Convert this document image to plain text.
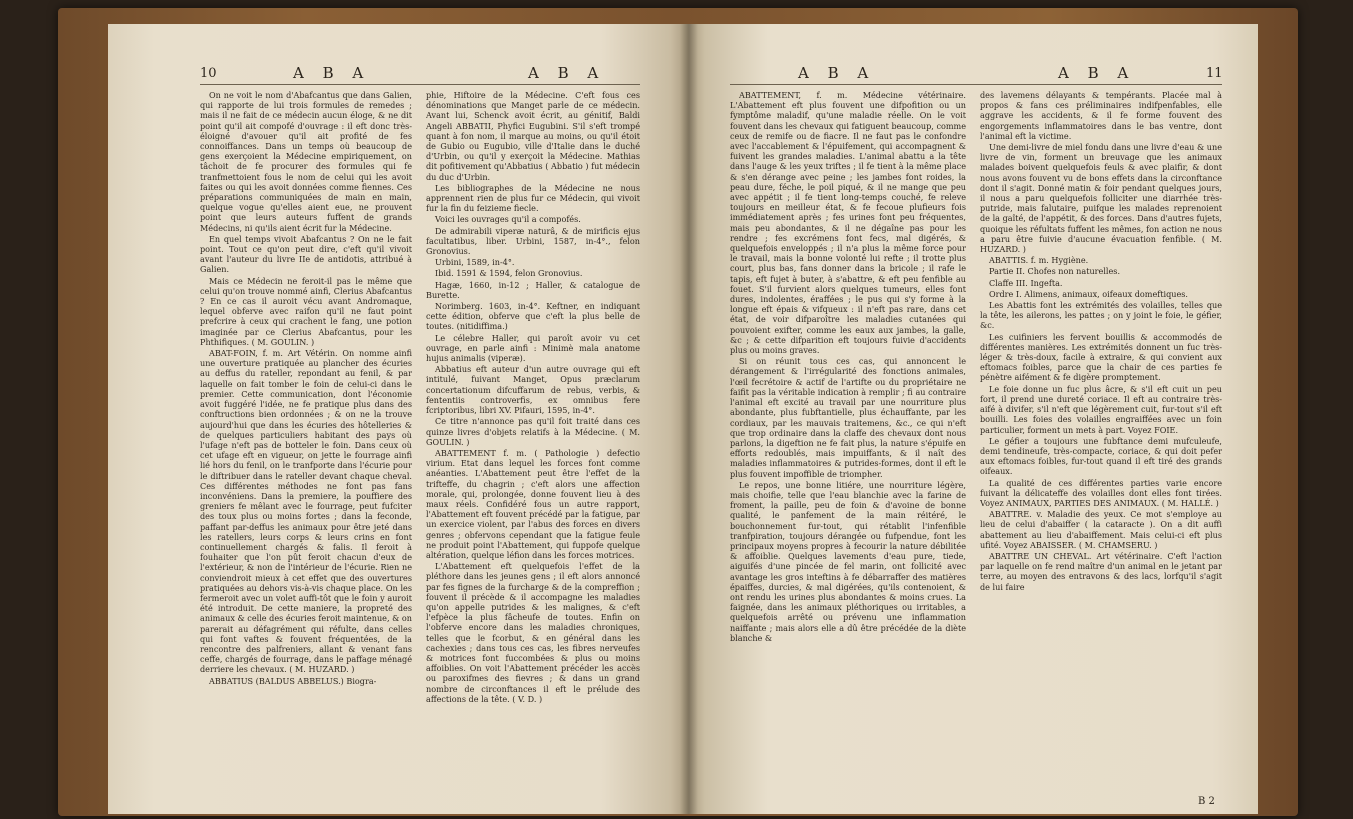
10	A B A	A B A

On ne voit le nom d'Abafcantus que dans Galien, qui rapporte de lui trois formules de remedes ; mais il ne fait de ce médecin aucun éloge, & ne dit point qu'il ait compofé d'ouvrage : il eft donc très-éloigné d'avouer qu'il ait profité de fes connoiffances. Dans un temps où beaucoup de gens exerçoient la Médecine empiriquement, on tâchoit de fe procurer des formules qui fe tranfmettoient fous le nom de celui qui les avoit faites ou qui les avoit données comme fiennes. Ces préparations communiquées de main en main, quelque vogue qu'elles aient eue, ne prouvent point que leurs auteurs fuffent de grands Médecins, ni qu'ils aient écrit fur la Médecine.

En quel temps vivoit Abafcantus ? On ne le fait point. Tout ce qu'on peut dire, c'eft qu'il vivoit avant l'auteur du livre IIe de antidotis, attribué à Galien.

Mais ce Médecin ne feroit-il pas le même que celui qu'on trouve nommé ainfi, Clerius Abafcantus ? En ce cas il auroit vécu avant Andromaque, lequel obferve avec raifon qu'il ne faut point prefcrire à ceux qui crachent le fang, une potion imaginée par ce Clerius Abafcantus, pour les Phthifiques. ( M. GOULIN. )

ABAT-FOIN, f. m. Art Vétérin. On nomme ainfi une ouverture pratiquée au plancher des écuries au deffus du rateller, repondant au fenil, & par laquelle on fait tomber le foin de celui-ci dans le premier. Cette communication, dont l'économie avoit fuggéré l'idée, ne fe pratique plus dans des conftructions bien ordonnées ; & on ne la trouve aujourd'hui que dans les écuries des hôtelleries & de quelques particuliers habitant des pays où l'ufage n'eft pas de botteler le foin. Dans ceux où cet ufage eft en vigueur, on jette le fourrage ainfi lié hors du fenil, on le tranfporte dans l'écurie pour le diftribuer dans le rateller devant chaque cheval. Ces différentes méthodes ne font pas fans inconvéniens. Dans la premiere, la pouffiere des greniers fe mêlant avec le fourrage, peut fufciter des toux plus ou moins fortes ; dans la feconde, paffant par-deffus les animaux pour être jeté dans les ratellers, leurs corps & leurs crins en font continuellement chargés & falis. Il feroit à fouhaiter que l'on pût feroit chacun d'eux de l'extérieur, & non de l'intérieur de l'écurie. Rien ne conviendroit mieux à cet effet que des ouvertures pratiquées au dehors vis-à-vis chaque place. On les fermeroit avec un volet auffi-tôt que le foin y auroit été introduit. De cette maniere, la propreté des animaux & celle des écuries feroit maintenue, & on parerait au défagrément qui réfulte, dans celles qui font vaftes & fouvent fréquentées, de la rencontre des palfreniers, allant & venant fans ceffe, chargés de fourrage, dans le paffage ménagé derriere les chevaux. ( M. HUZARD. )

ABBATIUS (BALDUS ABBELUS.) Biogra-

phie, Hiftoire de la Médecine. C'eft fous ces dénominations que Manget parle de ce médecin. Avant lui, Schenck avoit écrit, au génitif, Baldi Angeli ABBATII, Phyfici Eugubini. S'il s'eft trompé quant à fon nom, il marque au moins, ou qu'il étoit de Gubio ou Eugubio, ville d'Italie dans le duché d'Urbin, ou qu'il y exerçoit la Médecine. Mathias dit pofitivement qu'Abbatius ( Abbatio ) fut médecin du duc d'Urbin.

Les bibliographes de la Médecine ne nous apprennent rien de plus fur ce Médecin, qui vivoit fur la fin du feizieme fiecle.

Voici les ouvrages qu'il a compofés.

De admirabili viperæ naturâ, & de mirificis ejus facultatibus, liber. Urbini, 1587, in-4°., felon Gronovius.

Urbini, 1589, in-4°.

Ibid. 1591 & 1594, felon Gronovius.

Hagæ, 1660, in-12 ; Haller, & catalogue de Burette.

Norimberg. 1603, in-4°. Keftner, en indiquant cette édition, obferve que c'eft la plus belle de toutes. (nitidiffima.)

Le célebre Haller, qui paroît avoir vu cet ouvrage, en parle ainfi : Minimè mala anatome hujus animalis (viperæ).

Abbatius eft auteur d'un autre ouvrage qui eft intitulé, fuivant Manget, Opus præclarum concertationum difcuffarum de rebus, verbis, & fententiis controverfis, ex omnibus fere fcriptoribus, libri XV. Pifauri, 1595, in-4°.

Ce titre n'annonce pas qu'il foit traité dans ces quinze livres d'objets relatifs à la Médecine. ( M. GOULIN. )

ABATTEMENT f. m. ( Pathologie ) defectio virium. Etat dans lequel les forces font comme anéanties. L'Abattement peut être l'effet de la trifteffe, du chagrin ; c'eft alors une affection morale, qui, prolongée, donne fouvent lieu à des maux réels. Confidéré fous un autre rapport, l'Abattement eft fouvent précédé par la fatigue, par un exercice violent, par l'abus des forces en divers genres ; obfervons cependant que la fatigue feule ne produit point l'Abattement, qui fuppofe quelque altération, quelque léfion dans les forces motrices.

L'Abattement eft quelquefois l'effet de la pléthore dans les jeunes gens ; il eft alors annoncé par fes fignes de la furcharge & de la compreffion ; fouvent il précède & il accompagne les maladies qu'on appelle putrides & les malignes, & c'eft l'efpèce la plus fâcheufe de toutes. Enfin on l'obferve encore dans les maladies chroniques, telles que le fcorbut, & en général dans les cachexies ; dans tous ces cas, les fibres nerveufes & motrices font fuccombées & plus ou moins affoiblies. On voit l'Abattement précéder les accès ou paroxifmes des fievres ; & dans un grand nombre de circonftances il eft le prélude des affections de la tête. ( V. D. )

A B A	A B A	11

ABATTEMENT, f. m. Médecine vétérinaire. L'Abattement eft plus fouvent une difpofition ou un fymptôme maladif, qu'une maladie réelle. On le voit fouvent dans les chevaux qui fatiguent beaucoup, comme ceux de remife ou de fiacre. Il ne faut pas le confondre avec l'accablement & l'épuifement, qui accompagnent & fuivent les grandes maladies. L'animal abattu a la tête dans l'auge & les yeux triftes ; il fe tient à la même place & s'en dérange avec peine ; les jambes font roides, la peau dure, féche, le poil piqué, & il ne mange que peu avec appétit ; il fe tient long-temps couché, fe releve toujours en meilleur état, & fe fecoue plufieurs fois immédiatement après ; fes urines font peu fréquentes, mais peu abondantes, & il ne dégaîne pas pour les rendre ; fes excrémens font fecs, mal digérés, & quelquefois enveloppés ; il n'a plus la même force pour le travail, mais la bonne volonté lui refte ; il trotte plus court, plus bas, fans donner dans la bricole ; il rafe le tapis, eft fujet à buter, à s'abattre, & eft peu fenfible au fouet. S'il furvient alors quelques tumeurs, elles font dures, indolentes, éraffées ; le pus qui s'y forme à la longue eft épais & vifqueux : il n'eft pas rare, dans cet état, de voir difparoître les maladies cutanées qui pouvoient exifter, comme les eaux aux jambes, la galle, &c ; & cette difparition eft toujours fuivie d'accidents plus ou moins graves.

Si on réunit tous ces cas, qui annoncent le dérangement & l'irrégularité des fonctions animales, l'œil fecrétoire & actif de l'artifte ou du propriétaire ne faifit pas la véritable indication à remplir ; fi au contraire l'animal eft excité au travail par une nourriture plus abondante, plus fubftantielle, plus échauffante, par les cordiaux, par les mauvais traitemens, &c., ce qui n'eft que trop ordinaire dans la claffe des chevaux dont nous parlons, la digeftion ne fe fait plus, la nature s'épuife en efforts redoublés, mais impuiffants, & il naît des maladies inflammatoires & putrides-formes, dont il eft le plus fouvent impoffible de triompher.

Le repos, une bonne litiére, une nourriture légère, mais choifie, telle que l'eau blanchie avec la farine de froment, la paille, peu de foin & d'avoine de bonne qualité, le panfement de la main réitéré, le bouchonnement fur-tout, qui rétablit l'infenfible tranfpiration, toujours dérangée ou fufpendue, font les principaux moyens propres à fecourir la nature débilitée & affoiblie. Quelques lavements d'eau pure, tiede, aiguifés d'une pincée de fel marin, ont follicité avec avantage les gros inteftins à fe débarraffer des matières épaiffes, durcies, & mal digérées, qu'ils contenoient, & ont rendu les urines plus abondantes & moins crues. La faignée, dans les animaux pléthoriques ou irritables, a quelquefois arrêté ou prévenu une inflammation naiffante ; mais alors elle a dû être précédée de la diète blanche &

des lavemens délayants & tempérants. Placée mal à propos & fans ces préliminaires indifpenfables, elle aggrave les accidents, & il fe forme fouvent des engorgements inflammatoires dans le bas ventre, dont l'animal eft la victime.

Une demi-livre de miel fondu dans une livre d'eau & une livre de vin, forment un breuvage que les animaux malades boivent quelquefois feuls & avec plaifir, & dont nous avons fouvent vu de bons effets dans la circonftance dont il s'agit. Donné matin & foir pendant quelques jours, il nous a paru quelquefois folliciter une diarrhée très-putride, mais falutaire, puifque les malades reprenoient de la gaîté, de l'appétit, & des forces. Dans d'autres fujets, quoique les réfultats fuffent les mêmes, fon action ne nous a paru être fuivie d'aucune évacuation fenfible. ( M. HUZARD. )

ABATTIS. f. m. Hygiène.

Partie II. Chofes non naturelles.

Claffe III. Ingefta.

Ordre I. Alimens, animaux, oifeaux domeftiques.

Les Abattis font les extrémités des volailles, telles que la tête, les ailerons, les pattes ; on y joint le foie, le géfier, &c.

Les cuifiniers les fervent bouillis & accommodés de différentes manières. Les extrémités donnent un fuc très-léger & très-doux, facile à extraire, & qui convient aux eftomacs foibles, parce que la chair de ces parties fe pénètre aifément & fe digère promptement.

Le foie donne un fuc plus âcre, & s'il eft cuit un peu fort, il prend une dureté coriace. Il eft au contraire très-aifé à divifer, s'il n'eft que légèrement cuit, fur-tout s'il eft bouilli. Les foies des volailles engraiffées avec un foin particulier, forment un mets à part. Voyez FOIE.

Le géfier a toujours une fubftance demi mufculeufe, demi tendineufe, très-compacte, coriace, & qui doit pefer aux eftomacs foibles, fur-tout quand il eft tiré des grands oifeaux.

La qualité de ces différentes parties varie encore fuivant la délicateffe des volailles dont elles font tirées. Voyez ANIMAUX, PARTIES DES ANIMAUX. ( M. HALLÉ. )

ABATTRE. v. Maladie des yeux. Ce mot s'employe au lieu de celui d'abaiffer ( la cataracte ). On a dit auffi abattement au lieu d'abaiffement. Mais celui-ci eft plus ufité. Voyez ABAISSER. ( M. CHAMSERU. )

ABATTRE UN CHEVAL. Art vétérinaire. C'eft l'action par laquelle on fe rend maître d'un animal en le jetant par terre, au moyen des entravons & des lacs, lorfqu'il s'agit de lui faire

B 2
